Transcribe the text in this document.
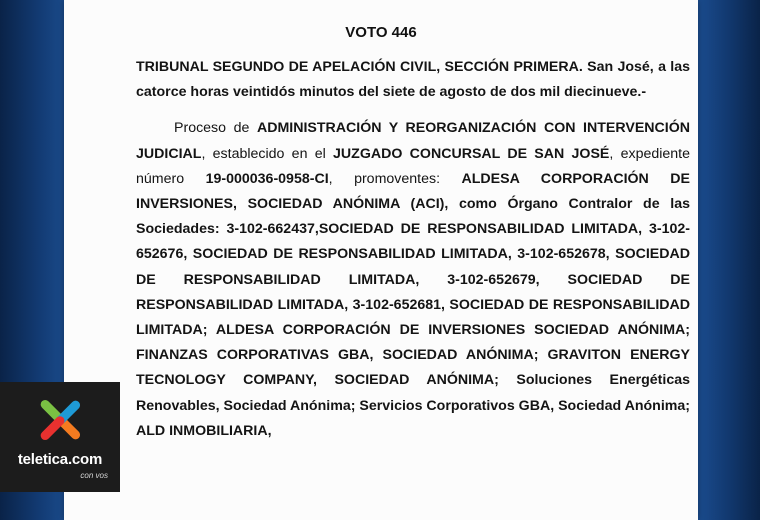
VOTO 446

TRIBUNAL SEGUNDO DE APELACIÓN CIVIL, SECCIÓN PRIMERA. San José, a las catorce horas veintidós minutos del siete de agosto de dos mil diecinueve.-

Proceso de ADMINISTRACIÓN Y REORGANIZACIÓN CON INTERVENCIÓN JUDICIAL, establecido en el JUZGADO CONCURSAL DE SAN JOSÉ, expediente número 19-000036-0958-CI, promoventes: ALDESA CORPORACIÓN DE INVERSIONES, SOCIEDAD ANÓNIMA (ACI), como Órgano Contralor de las Sociedades: 3-102-662437,SOCIEDAD DE RESPONSABILIDAD LIMITADA, 3-102-652676, SOCIEDAD DE RESPONSABILIDAD LIMITADA, 3-102-652678, SOCIEDAD DE RESPONSABILIDAD LIMITADA, 3-102-652679, SOCIEDAD DE RESPONSABILIDAD LIMITADA, 3-102-652681, SOCIEDAD DE RESPONSABILIDAD LIMITADA; ALDESA CORPORACIÓN DE INVERSIONES SOCIEDAD ANÓNIMA; FINANZAS CORPORATIVAS GBA, SOCIEDAD ANÓNIMA; GRAVITON ENERGY TECNOLOGY COMPANY, SOCIEDAD ANÓNIMA; Soluciones Energéticas Renovables, Sociedad Anónima; Servicios Corporativos GBA, Sociedad Anónima; ALD INMOBILIARIA,

teletica.com
con vos
